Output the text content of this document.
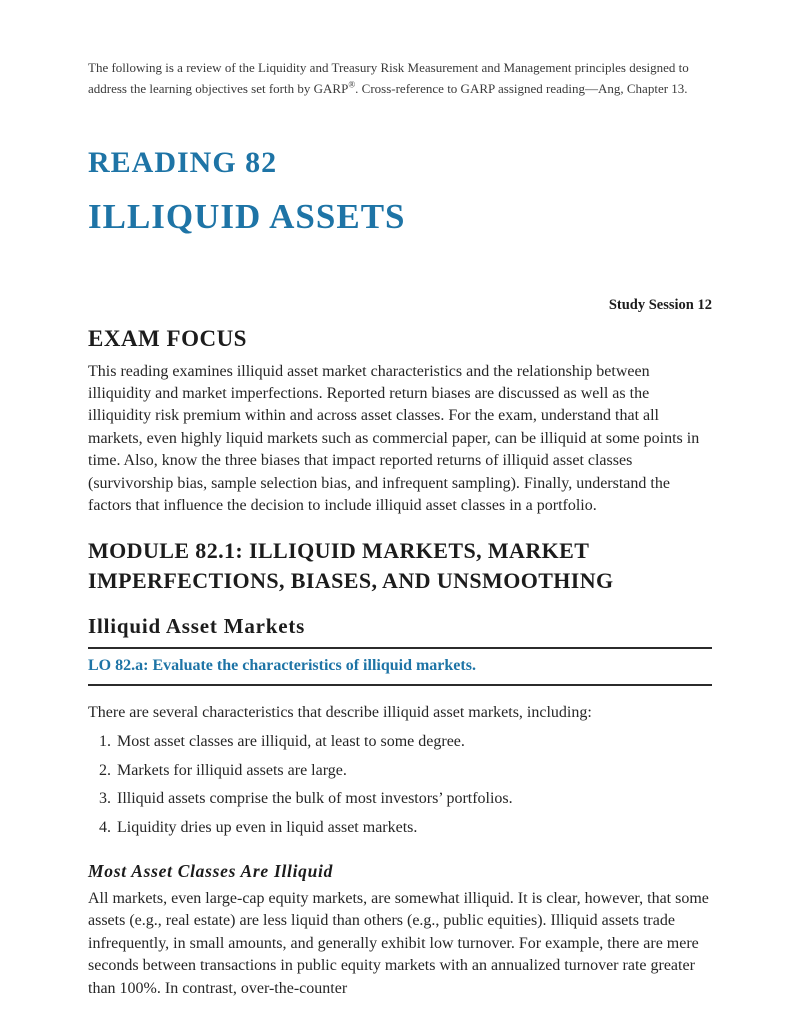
The following is a review of the Liquidity and Treasury Risk Measurement and Management principles designed to address the learning objectives set forth by GARP®. Cross-reference to GARP assigned reading—Ang, Chapter 13.

READING 82
ILLIQUID ASSETS
Study Session 12
EXAM FOCUS

This reading examines illiquid asset market characteristics and the relationship between illiquidity and market imperfections. Reported return biases are discussed as well as the illiquidity risk premium within and across asset classes. For the exam, understand that all markets, even highly liquid markets such as commercial paper, can be illiquid at some points in time. Also, know the three biases that impact reported returns of illiquid asset classes (survivorship bias, sample selection bias, and infrequent sampling). Finally, understand the factors that influence the decision to include illiquid asset classes in a portfolio.

MODULE 82.1: ILLIQUID MARKETS, MARKET IMPERFECTIONS, BIASES, AND UNSMOOTHING
Illiquid Asset Markets
LO 82.a: Evaluate the characteristics of illiquid markets.

There are several characteristics that describe illiquid asset markets, including:

1. Most asset classes are illiquid, at least to some degree.
2. Markets for illiquid assets are large.
3. Illiquid assets comprise the bulk of most investors’ portfolios.
4. Liquidity dries up even in liquid asset markets.
Most Asset Classes Are Illiquid

All markets, even large-cap equity markets, are somewhat illiquid. It is clear, however, that some assets (e.g., real estate) are less liquid than others (e.g., public equities). Illiquid assets trade infrequently, in small amounts, and generally exhibit low turnover. For example, there are mere seconds between transactions in public equity markets with an annualized turnover rate greater than 100%. In contrast, over-the-counter
